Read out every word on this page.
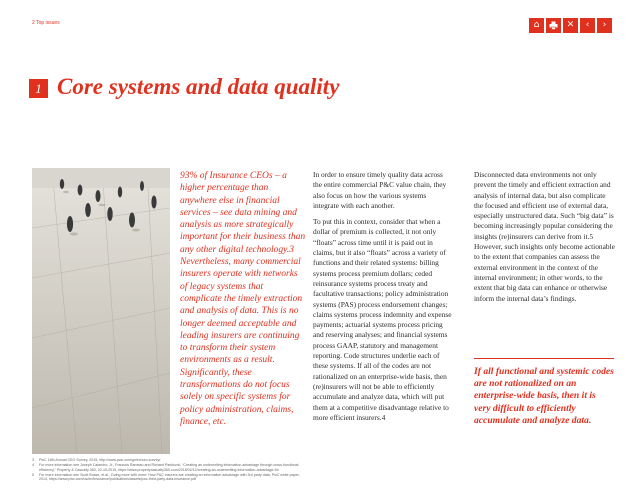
2 Top issues	⌂	✕	‹	›
1 Core systems and data quality

93% of Insurance CEOs – a higher percentage than anywhere else in financial services – see data mining and analysis as more strategically important for their business than any other digital technology.3 Nevertheless, many commercial insurers operate with networks of legacy systems that complicate the timely extraction and analysis of data. This is no longer deemed acceptable and leading insurers are continuing to transform their system environments as a result. Significantly, these transformations do not focus solely on specific systems for policy administration, claims, finance, etc.

In order to ensure timely quality data across the entire commercial P&C value chain, they also focus on how the various systems integrate with each another.

To put this in context, consider that when a dollar of premium is collected, it not only “floats” across time until it is paid out in claims, but it also “floats” across a variety of functions and their related systems: billing systems process premium dollars; ceded reinsurance systems process treaty and facultative transactions; policy administration systems (PAS) process endorsement changes; claims systems process indemnity and expense payments; actuarial systems process pricing and reserving analyses; and financial systems process GAAP, statutory and management reporting. Code structures underlie each of these systems. If all of the codes are not rationalized on an enterprise-wide basis, then (re)insurers will not be able to efficiently accumulate and analyze data, which will put them at a competitive disadvantage relative to more efficient insurers.4

Disconnected data environments not only prevent the timely and efficient extraction and analysis of internal data, but also complicate the focused and efficient use of external data, especially unstructured data. Such “big data” is becoming increasingly popular considering the insights (re)insurers can derive from it.5 However, such insights only become actionable to the extent that companies can assess the external environment in the context of the internal environment; in other words, to the extent that big data can enhance or otherwise inform the internal data’s findings.

If all functional and systemic codes are not rationalized on an enterprise-wide basis, then it is very difficult to efficiently accumulate and analyze data.
3	PwC 16th Annual CEO Survey, 2015, http://www.pwc.com/gx/en/ceo-survey/
4	For more information see Joseph Calandro, Jr., Francois Rameau and Richard Parkhurst, “Creating an underwriting information advantage through cross-functional efficiency,” Property & Casualty 360, 02-15-2015, https://www.propertycasualty360.com/2015/02/12/creating-an-underwriting-information-advantage-thr
5	For more information see Scott Busse, et al., Doing more with more: How P&C insurers are creating an information advantage with 3rd party data, PwC white paper, 2014, https://www.pwc.com/us/en/insurance/publications/assets/pwc-third-party-data-insurance.pdf
